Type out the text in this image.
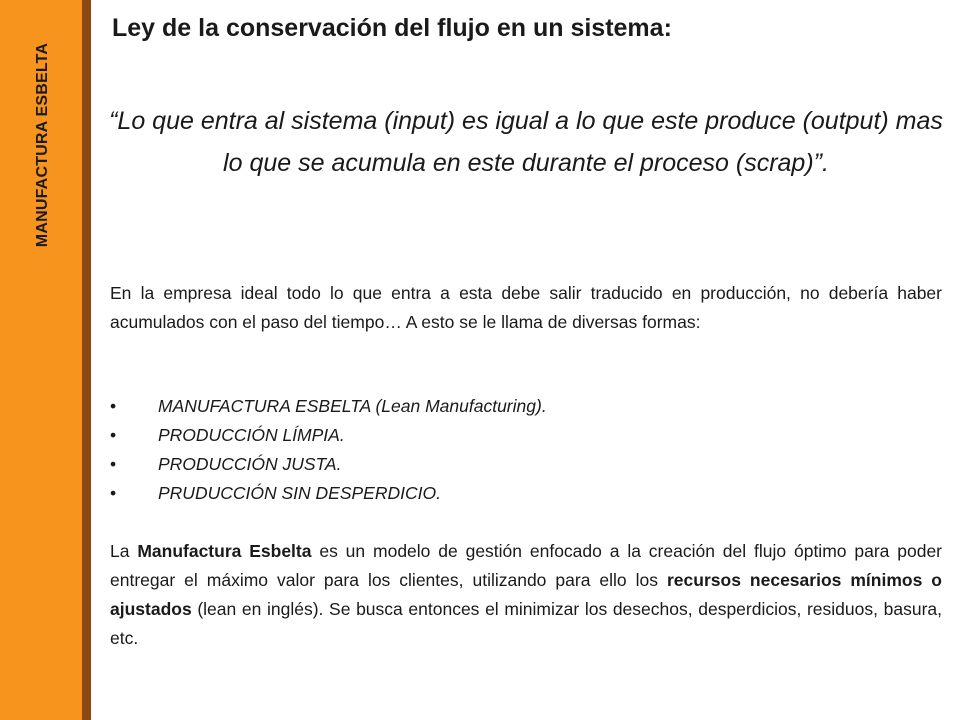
MANUFACTURA ESBELTA
Ley de la conservación del flujo en un sistema:
“Lo que entra al sistema (input) es igual a lo que este produce (output) mas lo que se acumula en este durante el proceso (scrap)”.
En la empresa ideal todo lo que entra a esta debe salir traducido en producción, no debería haber acumulados con el paso del tiempo… A esto se le llama de diversas formas:
• MANUFACTURA ESBELTA (Lean Manufacturing).
• PRODUCCIÓN LÍMPIA.
• PRODUCCIÓN JUSTA.
• PRUDUCCIÓN SIN DESPERDICIO.
La Manufactura Esbelta es un modelo de gestión enfocado a la creación del flujo óptimo para poder entregar el máximo valor para los clientes, utilizando para ello los recursos necesarios mínimos o ajustados (lean en inglés). Se busca entonces el minimizar los desechos, desperdicios, residuos, basura, etc.
